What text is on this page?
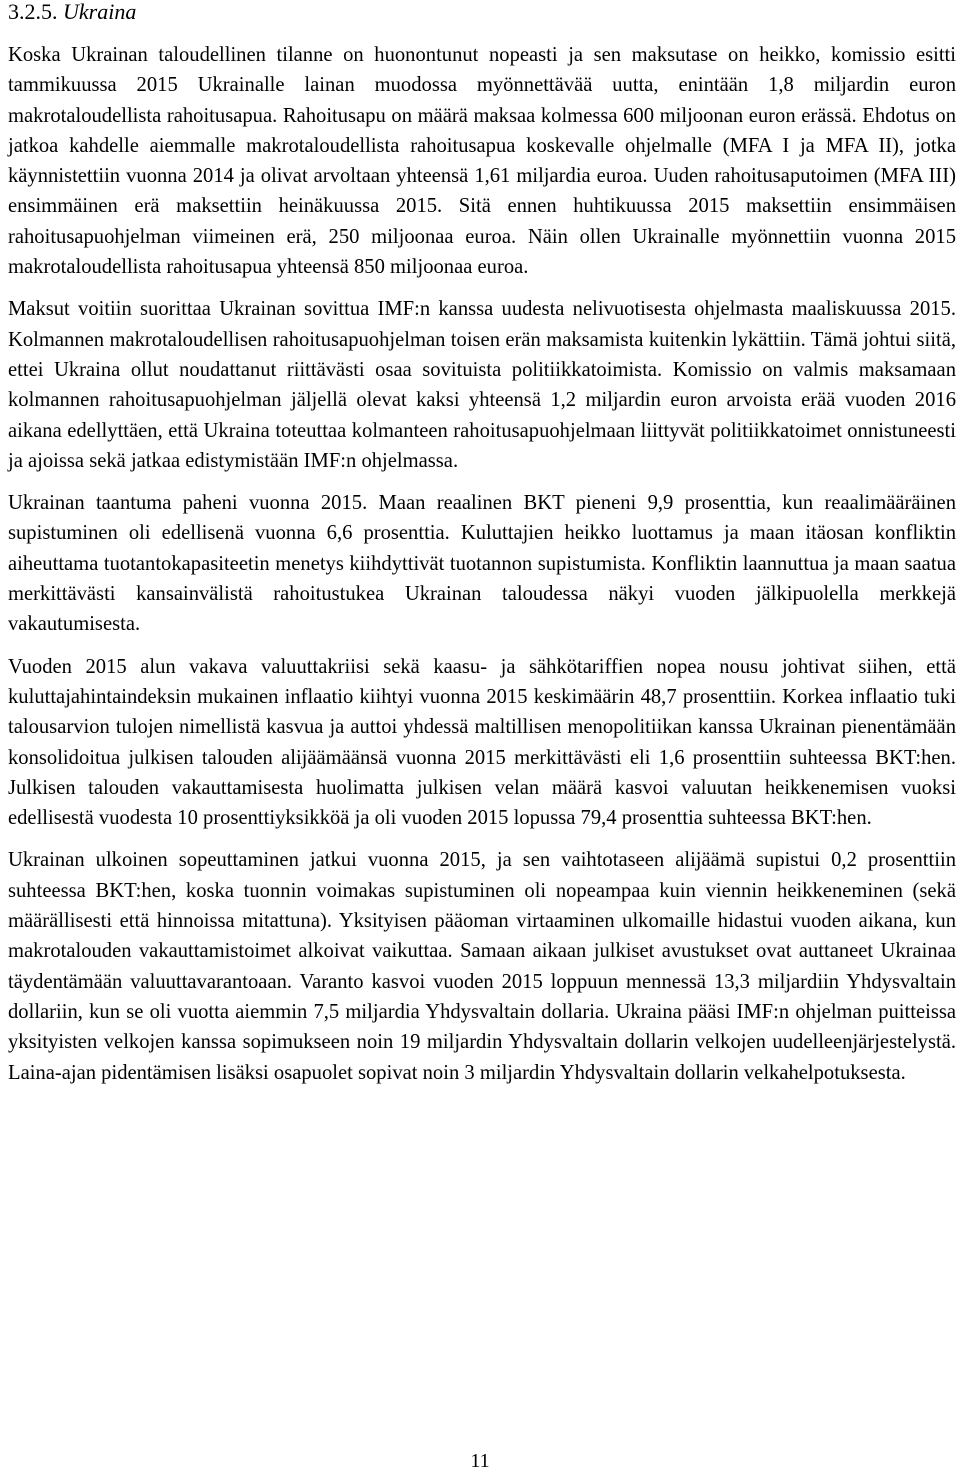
3.2.5. Ukraina

Koska Ukrainan taloudellinen tilanne on huonontunut nopeasti ja sen maksutase on heikko, komissio esitti tammikuussa 2015 Ukrainalle lainan muodossa myönnettävää uutta, enintään 1,8 miljardin euron makrotaloudellista rahoitusapua. Rahoitusapu on määrä maksaa kolmessa 600 miljoonan euron erässä. Ehdotus on jatkoa kahdelle aiemmalle makrotaloudellista rahoitusapua koskevalle ohjelmalle (MFA I ja MFA II), jotka käynnistettiin vuonna 2014 ja olivat arvoltaan yhteensä 1,61 miljardia euroa. Uuden rahoitusaputoimen (MFA III) ensimmäinen erä maksettiin heinäkuussa 2015. Sitä ennen huhtikuussa 2015 maksettiin ensimmäisen rahoitusapuohjelman viimeinen erä, 250 miljoonaa euroa. Näin ollen Ukrainalle myönnettiin vuonna 2015 makrotaloudellista rahoitusapua yhteensä 850 miljoonaa euroa.

Maksut voitiin suorittaa Ukrainan sovittua IMF:n kanssa uudesta nelivuotisesta ohjelmasta maaliskuussa 2015. Kolmannen makrotaloudellisen rahoitusapuohjelman toisen erän maksamista kuitenkin lykättiin. Tämä johtui siitä, ettei Ukraina ollut noudattanut riittävästi osaa sovituista politiikkatoimista. Komissio on valmis maksamaan kolmannen rahoitusapuohjelman jäljellä olevat kaksi yhteensä 1,2 miljardin euron arvoista erää vuoden 2016 aikana edellyttäen, että Ukraina toteuttaa kolmanteen rahoitusapuohjelmaan liittyvät politiikkatoimet onnistuneesti ja ajoissa sekä jatkaa edistymistään IMF:n ohjelmassa.

Ukrainan taantuma paheni vuonna 2015. Maan reaalinen BKT pieneni 9,9 prosenttia, kun reaalimääräinen supistuminen oli edellisenä vuonna 6,6 prosenttia. Kuluttajien heikko luottamus ja maan itäosan konfliktin aiheuttama tuotantokapasiteetin menetys kiihdyttivät tuotannon supistumista. Konfliktin laannuttua ja maan saatua merkittävästi kansainvälistä rahoitustukea Ukrainan taloudessa näkyi vuoden jälkipuolella merkkejä vakautumisesta.

Vuoden 2015 alun vakava valuuttakriisi sekä kaasu- ja sähkötariffien nopea nousu johtivat siihen, että kuluttajahintaindeksin mukainen inflaatio kiihtyi vuonna 2015 keskimäärin 48,7 prosenttiin. Korkea inflaatio tuki talousarvion tulojen nimellistä kasvua ja auttoi yhdessä maltillisen menopolitiikan kanssa Ukrainan pienentämään konsolidoitua julkisen talouden alijäämäänsä vuonna 2015 merkittävästi eli 1,6 prosenttiin suhteessa BKT:hen. Julkisen talouden vakauttamisesta huolimatta julkisen velan määrä kasvoi valuutan heikkenemisen vuoksi edellisestä vuodesta 10 prosenttiyksikköä ja oli vuoden 2015 lopussa 79,4 prosenttia suhteessa BKT:hen.

Ukrainan ulkoinen sopeuttaminen jatkui vuonna 2015, ja sen vaihtotaseen alijäämä supistui 0,2 prosenttiin suhteessa BKT:hen, koska tuonnin voimakas supistuminen oli nopeampaa kuin viennin heikkeneminen (sekä määrällisesti että hinnoissa mitattuna). Yksityisen pääoman virtaaminen ulkomaille hidastui vuoden aikana, kun makrotalouden vakauttamistoimet alkoivat vaikuttaa. Samaan aikaan julkiset avustukset ovat auttaneet Ukrainaa täydentämään valuuttavarantoaan. Varanto kasvoi vuoden 2015 loppuun mennessä 13,3 miljardiin Yhdysvaltain dollariin, kun se oli vuotta aiemmin 7,5 miljardia Yhdysvaltain dollaria. Ukraina pääsi IMF:n ohjelman puitteissa yksityisten velkojen kanssa sopimukseen noin 19 miljardin Yhdysvaltain dollarin velkojen uudelleenjärjestelystä. Laina-ajan pidentämisen lisäksi osapuolet sopivat noin 3 miljardin Yhdysvaltain dollarin velkahelpotuksesta.

11
